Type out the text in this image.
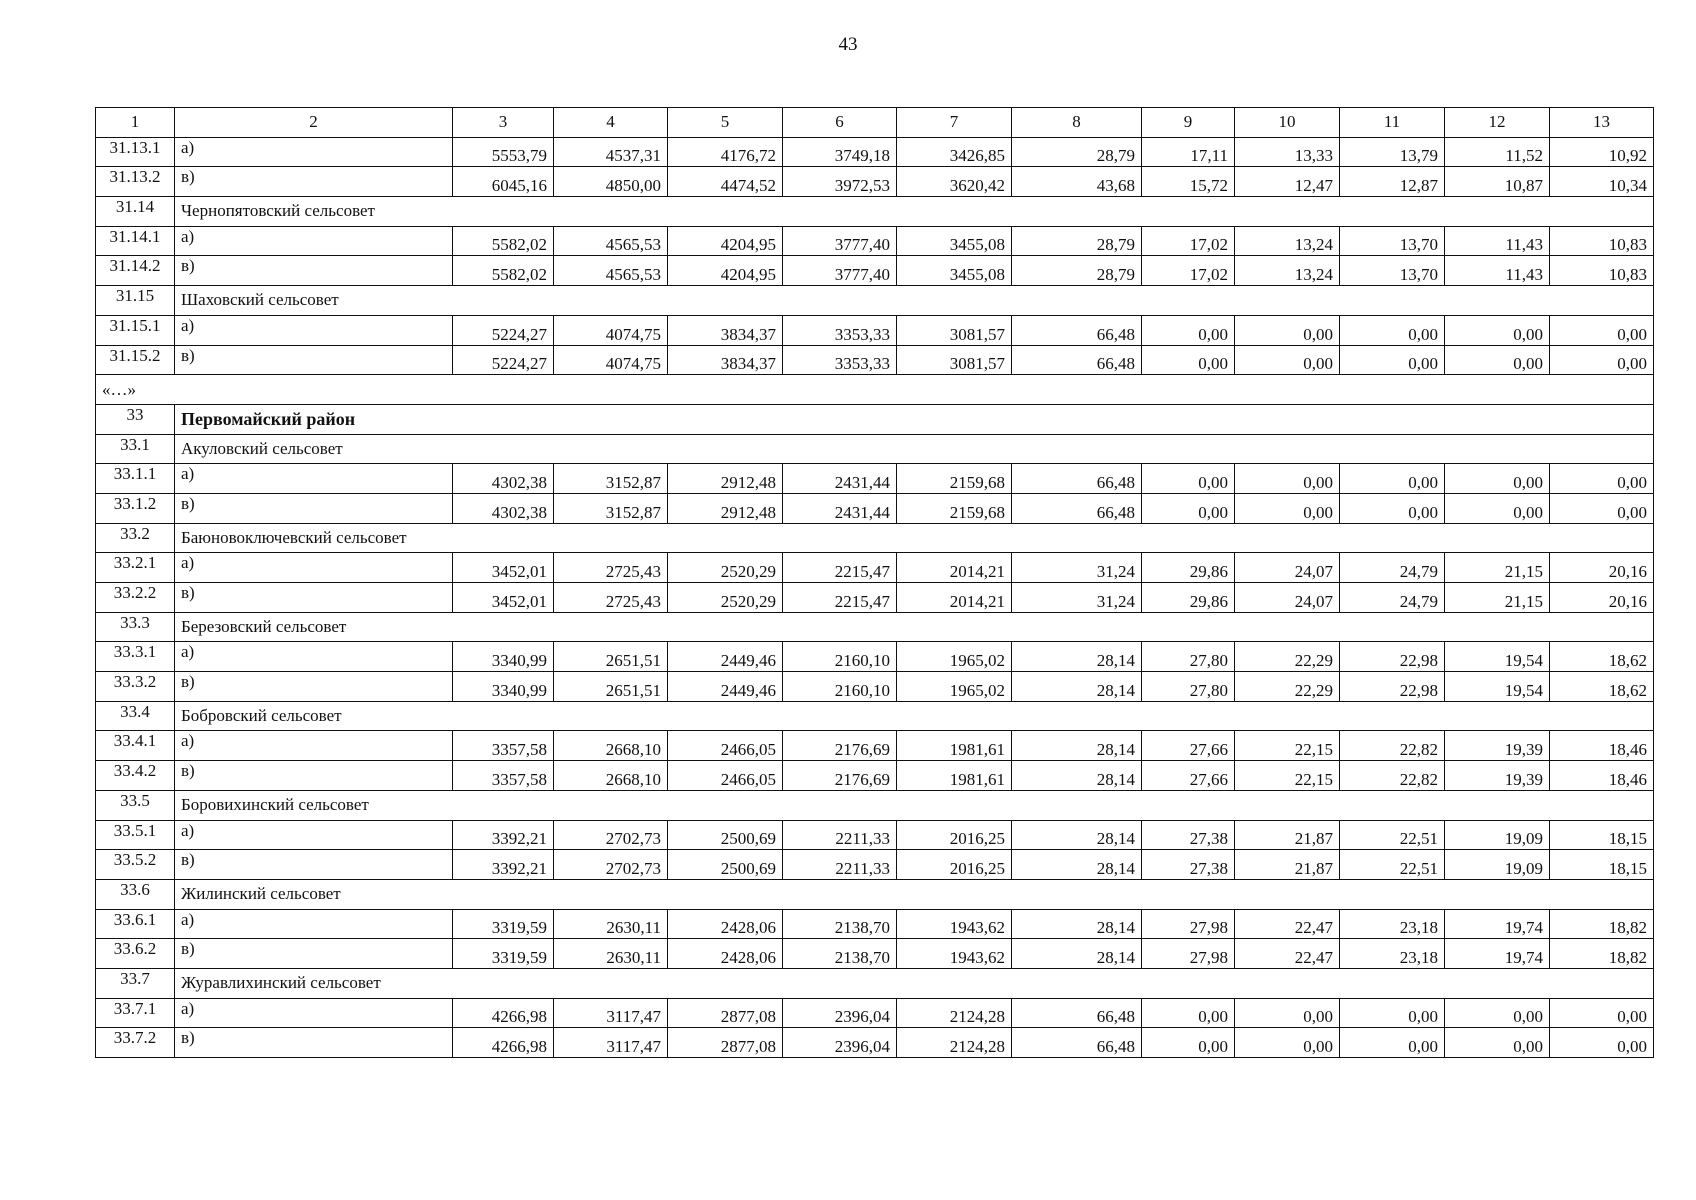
43
1	2	3	4	5	6	7	8	9	10	11	12	13
31.13.1	а)	5553,79	4537,31	4176,72	3749,18	3426,85	28,79	17,11	13,33	13,79	11,52	10,92
31.13.2	в)	6045,16	4850,00	4474,52	3972,53	3620,42	43,68	15,72	12,47	12,87	10,87	10,34
31.14	Чернопятовский сельсовет											
31.14.1	а)	5582,02	4565,53	4204,95	3777,40	3455,08	28,79	17,02	13,24	13,70	11,43	10,83
31.14.2	в)	5582,02	4565,53	4204,95	3777,40	3455,08	28,79	17,02	13,24	13,70	11,43	10,83
31.15	Шаховский сельсовет											
31.15.1	а)	5224,27	4074,75	3834,37	3353,33	3081,57	66,48	0,00	0,00	0,00	0,00	0,00
31.15.2	в)	5224,27	4074,75	3834,37	3353,33	3081,57	66,48	0,00	0,00	0,00	0,00	0,00
«…»												
33	Первомайский район											
33.1	Акуловский сельсовет											
33.1.1	а)	4302,38	3152,87	2912,48	2431,44	2159,68	66,48	0,00	0,00	0,00	0,00	0,00
33.1.2	в)	4302,38	3152,87	2912,48	2431,44	2159,68	66,48	0,00	0,00	0,00	0,00	0,00
33.2	Баюновоключевский сельсовет											
33.2.1	а)	3452,01	2725,43	2520,29	2215,47	2014,21	31,24	29,86	24,07	24,79	21,15	20,16
33.2.2	в)	3452,01	2725,43	2520,29	2215,47	2014,21	31,24	29,86	24,07	24,79	21,15	20,16
33.3	Березовский сельсовет											
33.3.1	а)	3340,99	2651,51	2449,46	2160,10	1965,02	28,14	27,80	22,29	22,98	19,54	18,62
33.3.2	в)	3340,99	2651,51	2449,46	2160,10	1965,02	28,14	27,80	22,29	22,98	19,54	18,62
33.4	Бобровский сельсовет											
33.4.1	а)	3357,58	2668,10	2466,05	2176,69	1981,61	28,14	27,66	22,15	22,82	19,39	18,46
33.4.2	в)	3357,58	2668,10	2466,05	2176,69	1981,61	28,14	27,66	22,15	22,82	19,39	18,46
33.5	Боровихинский сельсовет											
33.5.1	а)	3392,21	2702,73	2500,69	2211,33	2016,25	28,14	27,38	21,87	22,51	19,09	18,15
33.5.2	в)	3392,21	2702,73	2500,69	2211,33	2016,25	28,14	27,38	21,87	22,51	19,09	18,15
33.6	Жилинский сельсовет											
33.6.1	а)	3319,59	2630,11	2428,06	2138,70	1943,62	28,14	27,98	22,47	23,18	19,74	18,82
33.6.2	в)	3319,59	2630,11	2428,06	2138,70	1943,62	28,14	27,98	22,47	23,18	19,74	18,82
33.7	Журавлихинский сельсовет											
33.7.1	а)	4266,98	3117,47	2877,08	2396,04	2124,28	66,48	0,00	0,00	0,00	0,00	0,00
33.7.2	в)	4266,98	3117,47	2877,08	2396,04	2124,28	66,48	0,00	0,00	0,00	0,00	0,00
